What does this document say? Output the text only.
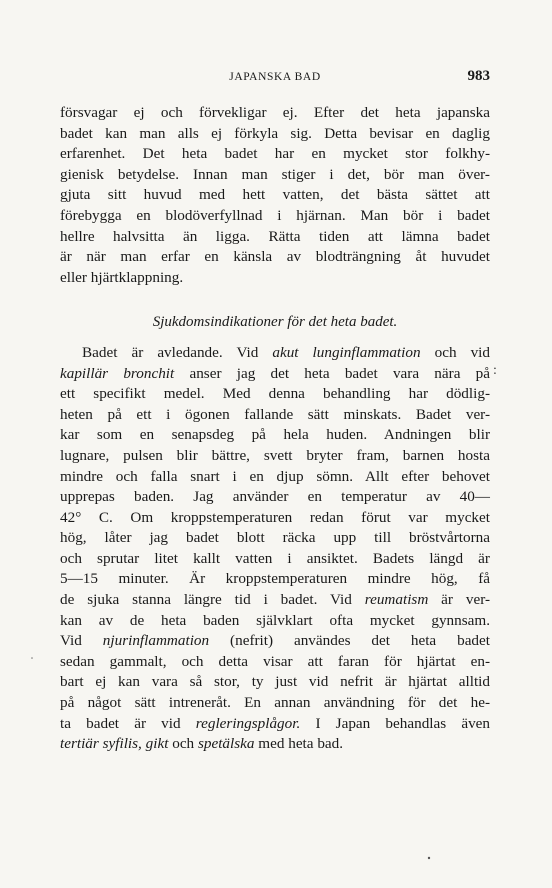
JAPANSKA BAD	983
försvagar ej och förvekligar ej. Efter det heta japanska
badet kan man alls ej förkyla sig. Detta bevisar en daglig
erfarenhet. Det heta badet har en mycket stor folkhy-
gienisk betydelse. Innan man stiger i det, bör man över-
gjuta sitt huvud med hett vatten, det bästa sättet att
förebygga en blodöverfyllnad i hjärnan. Man bör i badet
hellre halvsitta än ligga. Rätta tiden att lämna badet
är när man erfar en känsla av blodträngning åt huvudet
eller hjärtklappning.
Sjukdomsindikationer för det heta badet.
Badet är avledande. Vid akut lunginflammation och vid
kapillär bronchit anser jag det heta badet vara nära på
ett specifikt medel. Med denna behandling har dödlig-
heten på ett i ögonen fallande sätt minskats. Badet ver-
kar som en senapsdeg på hela huden. Andningen blir
lugnare, pulsen blir bättre, svett bryter fram, barnen hosta
mindre och falla snart i en djup sömn. Allt efter behovet
upprepas baden. Jag använder en temperatur av 40—
42° C. Om kroppstemperaturen redan förut var mycket
hög, låter jag badet blott räcka upp till bröstvårtorna
och sprutar litet kallt vatten i ansiktet. Badets längd är
5—15 minuter. Är kroppstemperaturen mindre hög, få
de sjuka stanna längre tid i badet. Vid reumatism är ver-
kan av de heta baden självklart ofta mycket gynnsam.
Vid njurinflammation (nefrit) användes det heta badet
sedan gammalt, och detta visar att faran för hjärtat en-
bart ej kan vara så stor, ty just vid nefrit är hjärtat alltid
på något sätt intreneråt. En annan användning för det he-
ta badet är vid regleringsplågor. I Japan behandlas även
tertiär syfilis, gikt och spetälska med heta bad.
:
